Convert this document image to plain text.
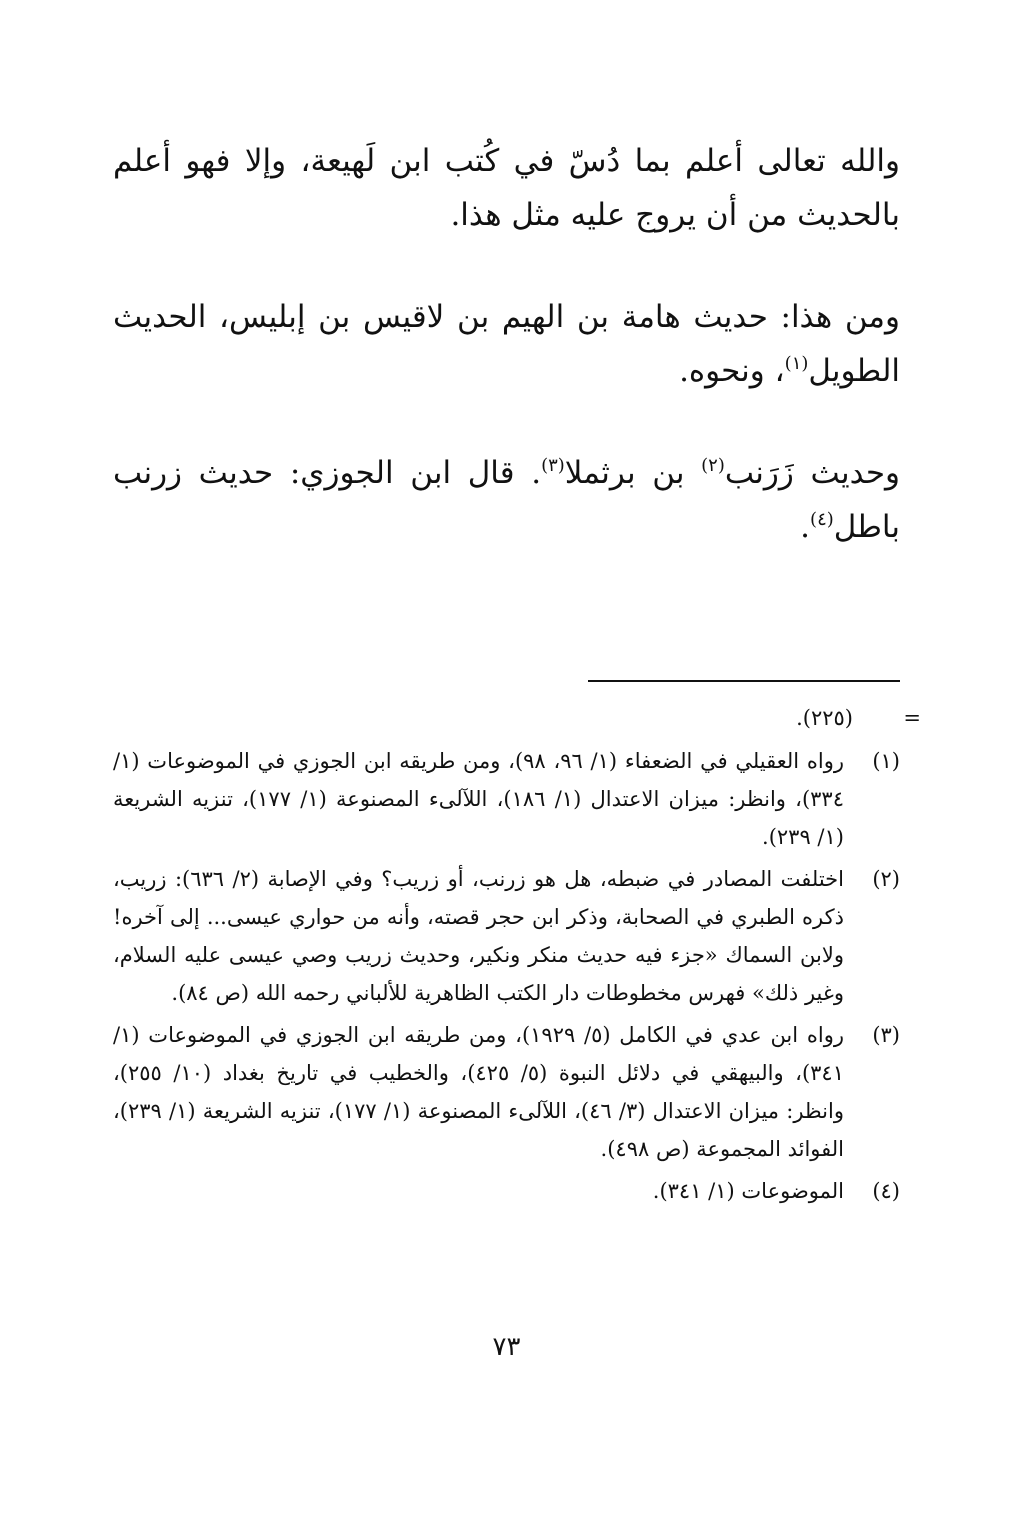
والله تعالى أعلم بما دُسّ في كُتب ابن لَهيعة، وإلا فهو أعلم بالحديث من أن يروج عليه مثل هذا.
ومن هذا: حديث هامة بن الهيم بن لاقيس بن إبليس، الحديث الطويل$^{(١)}$، ونحوه.
وحديث زَرَنب$^{(٢)}$ بن برثملا$^{(٣)}$. قال ابن الجوزي: حديث زرنب باطل$^{(٤)}$.
=
(٢٢٥).
(١)
رواه العقيلي في الضعفاء (١/ ٩٦، ٩٨)، ومن طريقه ابن الجوزي في الموضوعات (١/ ٣٣٤)، وانظر: ميزان الاعتدال (١/ ١٨٦)، اللآلىء المصنوعة (١/ ١٧٧)، تنزيه الشريعة (١/ ٢٣٩).
(٢)
اختلفت المصادر في ضبطه، هل هو زرنب، أو زريب؟ وفي الإصابة (٢/ ٦٣٦): زريب، ذكره الطبري في الصحابة، وذكر ابن حجر قصته، وأنه من حواري عيسى... إلى آخره! ولابن السماك «جزء فيه حديث منكر ونكير، وحديث زريب وصي عيسى عليه السلام، وغير ذلك» فهرس مخطوطات دار الكتب الظاهرية للألباني رحمه الله (ص ٨٤).
(٣)
رواه ابن عدي في الكامل (٥/ ١٩٢٩)، ومن طريقه ابن الجوزي في الموضوعات (١/ ٣٤١)، والبيهقي في دلائل النبوة (٥/ ٤٢٥)، والخطيب في تاريخ بغداد (١٠/ ٢٥٥)، وانظر: ميزان الاعتدال (٣/ ٤٦)، اللآلىء المصنوعة (١/ ١٧٧)، تنزيه الشريعة (١/ ٢٣٩)، الفوائد المجموعة (ص ٤٩٨).
(٤)
الموضوعات (١/ ٣٤١).
٧٣
